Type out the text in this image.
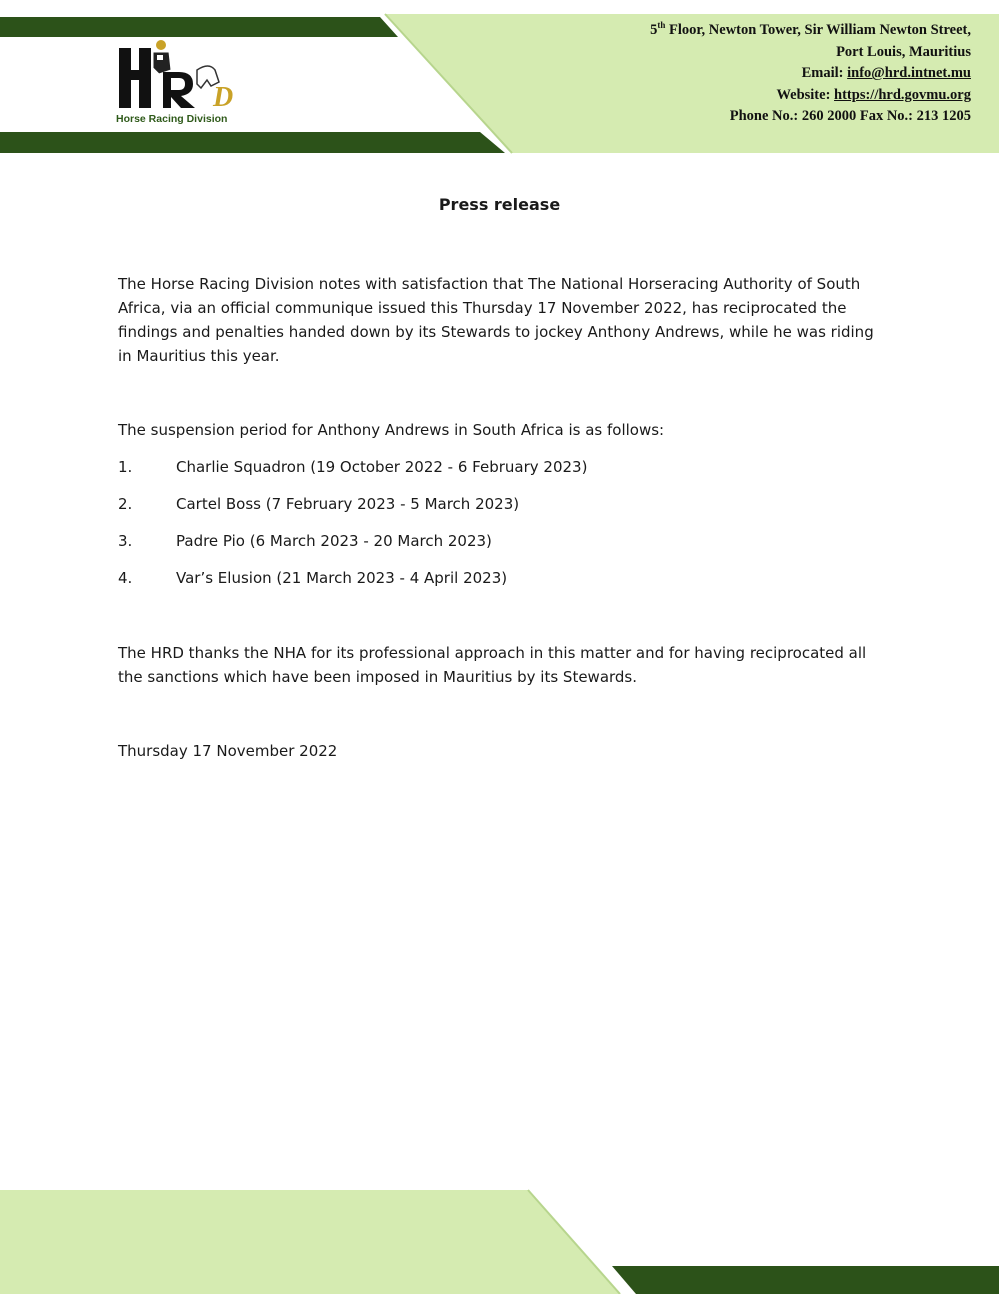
D
Horse Racing Division
5th Floor, Newton Tower, Sir William Newton Street,
Port Louis, Mauritius
Email: info@hrd.intnet.mu
Website: https://hrd.govmu.org
Phone No.: 260 2000 Fax No.: 213 1205
Press release

The Horse Racing Division notes with satisfaction that The National Horseracing Authority of South Africa, via an official communique issued this Thursday 17 November 2022, has reciprocated the findings and penalties handed down by its Stewards to jockey Anthony Andrews, while he was riding in Mauritius this year.

The suspension period for Anthony Andrews in South Africa is as follows:

1.	Charlie Squadron (19 October 2022 - 6 February 2023)
2.	Cartel Boss (7 February 2023 - 5 March 2023)
3.	Padre Pio (6 March 2023 - 20 March 2023)
4.	Var’s Elusion (21 March 2023 - 4 April 2023)

The HRD thanks the NHA for its professional approach in this matter and for having reciprocated all the sanctions which have been imposed in Mauritius by its Stewards.

Thursday 17 November 2022
